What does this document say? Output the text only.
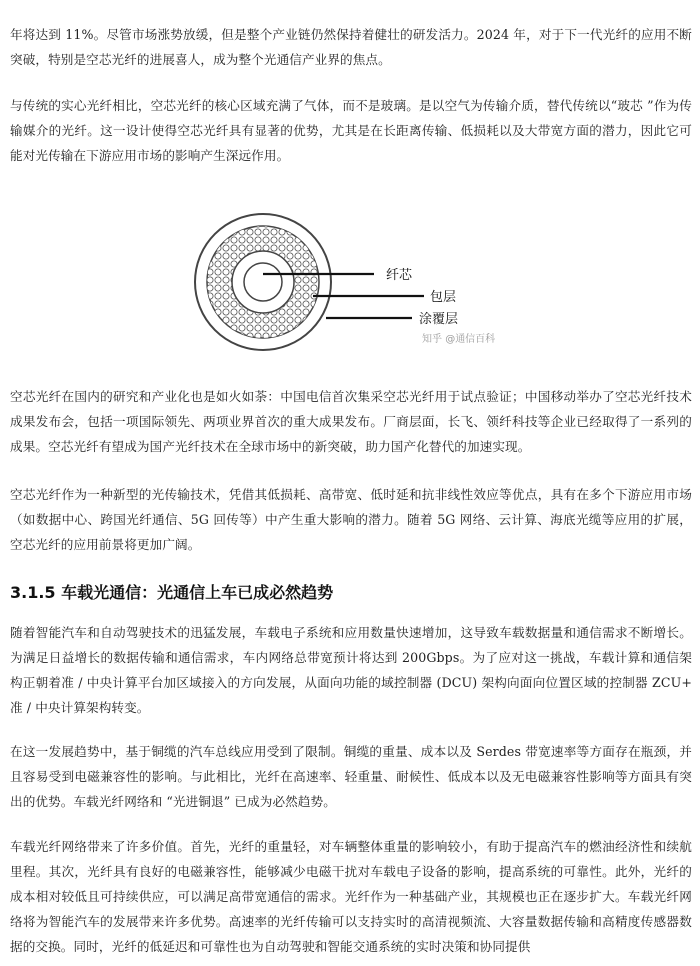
年将达到 11%。尽管市场涨势放缓，但是整个产业链仍然保持着健壮的研发活力。2024 年，对于下一代光纤的应用不断突破，特别是空芯光纤的进展喜人，成为整个光通信产业界的焦点。

与传统的实心光纤相比，空芯光纤的核心区域充满了气体，而不是玻璃。是以空气为传输介质，替代传统以“玻芯 ”作为传输媒介的光纤。这一设计使得空芯光纤具有显著的优势，尤其是在长距离传输、低损耗以及大带宽方面的潜力，因此它可能对光传输在下游应用市场的影响产生深远作用。

纤芯
包层
涂覆层
知乎 @通信百科

空芯光纤在国内的研究和产业化也是如火如荼：中国电信首次集采空芯光纤用于试点验证；中国移动举办了空芯光纤技术成果发布会，包括一项国际领先、两项业界首次的重大成果发布。厂商层面，长飞、领纤科技等企业已经取得了一系列的成果。空芯光纤有望成为国产光纤技术在全球市场中的新突破，助力国产化替代的加速实现。

空芯光纤作为一种新型的光传输技术，凭借其低损耗、高带宽、低时延和抗非线性效应等优点，具有在多个下游应用市场（如数据中心、跨国光纤通信、5G 回传等）中产生重大影响的潜力。随着 5G 网络、云计算、海底光缆等应用的扩展，空芯光纤的应用前景将更加广阔。

3.1.5 车载光通信：光通信上车已成必然趋势

随着智能汽车和自动驾驶技术的迅猛发展，车载电子系统和应用数量快速增加，这导致车载数据量和通信需求不断增长。为满足日益增长的数据传输和通信需求，车内网络总带宽预计将达到 200Gbps。为了应对这一挑战，车载计算和通信架构正朝着准 / 中央计算平台加区域接入的方向发展，从面向功能的域控制器 (DCU) 架构向面向位置区域的控制器 ZCU+ 准 / 中央计算架构转变。

在这一发展趋势中，基于铜缆的汽车总线应用受到了限制。铜缆的重量、成本以及 Serdes 带宽速率等方面存在瓶颈，并且容易受到电磁兼容性的影响。与此相比，光纤在高速率、轻重量、耐候性、低成本以及无电磁兼容性影响等方面具有突出的优势。车载光纤网络和 “光进铜退” 已成为必然趋势。

车载光纤网络带来了许多价值。首先，光纤的重量轻，对车辆整体重量的影响较小，有助于提高汽车的燃油经济性和续航里程。其次，光纤具有良好的电磁兼容性，能够减少电磁干扰对车载电子设备的影响，提高系统的可靠性。此外，光纤的成本相对较低且可持续供应，可以满足高带宽通信的需求。光纤作为一种基础产业，其规模也正在逐步扩大。车载光纤网络将为智能汽车的发展带来许多优势。高速率的光纤传输可以支持实时的高清视频流、大容量数据传输和高精度传感器数据的交换。同时，光纤的低延迟和可靠性也为自动驾驶和智能交通系统的实时决策和协同提供
